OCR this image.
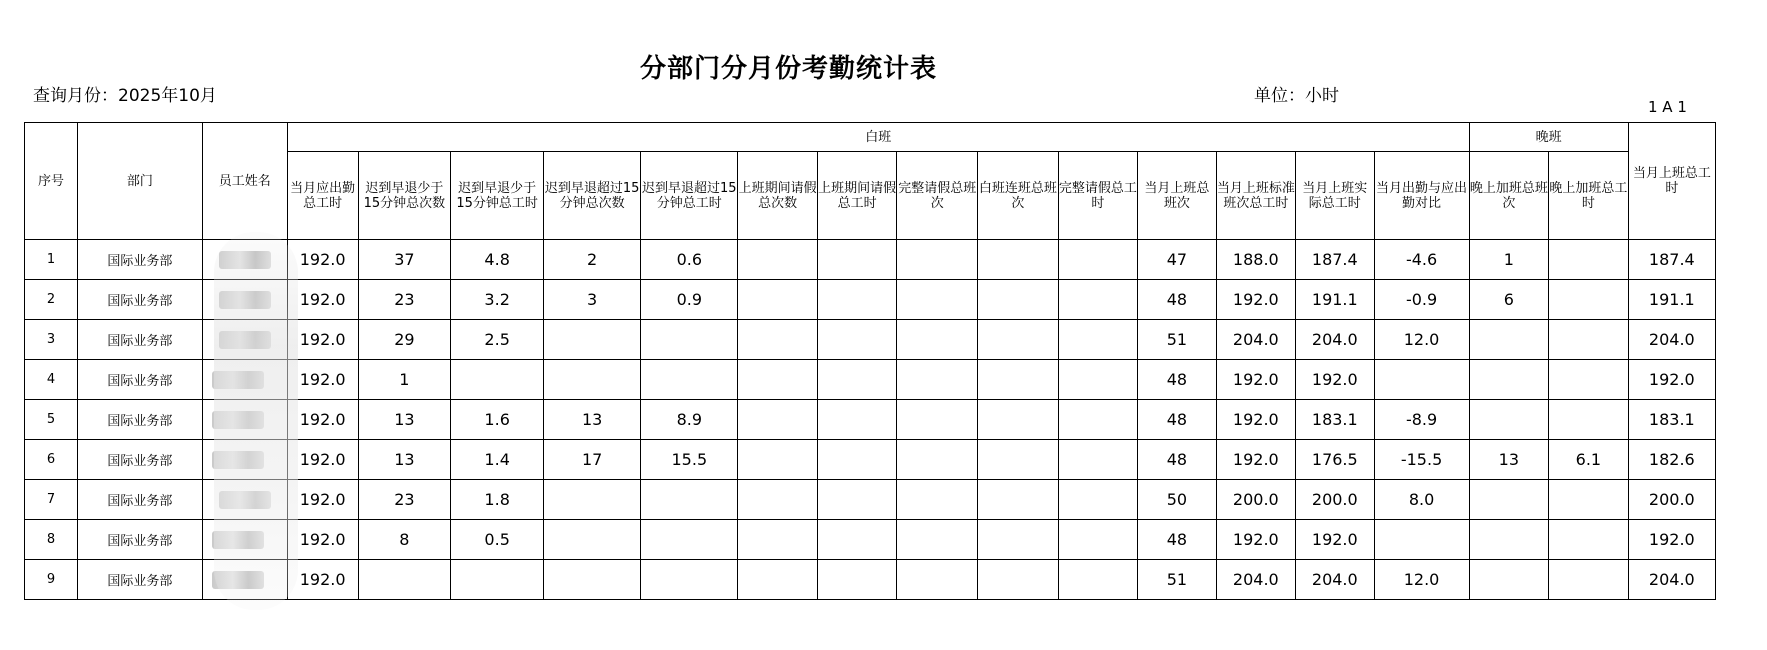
分部门分月份考勤统计表
查询月份：2025年10月	单位：小时
1 A 1
序号	部门	员工姓名	白班														晚班		当月上班总工时
			当月应出勤总工时	迟到早退少于15分钟总次数	迟到早退少于15分钟总工时	迟到早退超过15分钟总次数	迟到早退超过15分钟总工时	上班期间请假总次数	上班期间请假总工时	完整请假总班次	白班连班总班次	完整请假总工时	当月上班总班次	当月上班标准班次总工时	当月上班实际总工时	当月出勤与应出勤对比	晚上加班总班次	晚上加班总工时	
1	国际业务部		192.0	37	4.8	2	0.6						47	188.0	187.4	-4.6	1		187.4
2	国际业务部		192.0	23	3.2	3	0.9						48	192.0	191.1	-0.9	6		191.1
3	国际业务部		192.0	29	2.5								51	204.0	204.0	12.0			204.0
4	国际业务部		192.0	1									48	192.0	192.0				192.0
5	国际业务部		192.0	13	1.6	13	8.9						48	192.0	183.1	-8.9			183.1
6	国际业务部		192.0	13	1.4	17	15.5						48	192.0	176.5	-15.5	13	6.1	182.6
7	国际业务部		192.0	23	1.8								50	200.0	200.0	8.0			200.0
8	国际业务部		192.0	8	0.5								48	192.0	192.0				192.0
9	国际业务部		192.0										51	204.0	204.0	12.0			204.0
